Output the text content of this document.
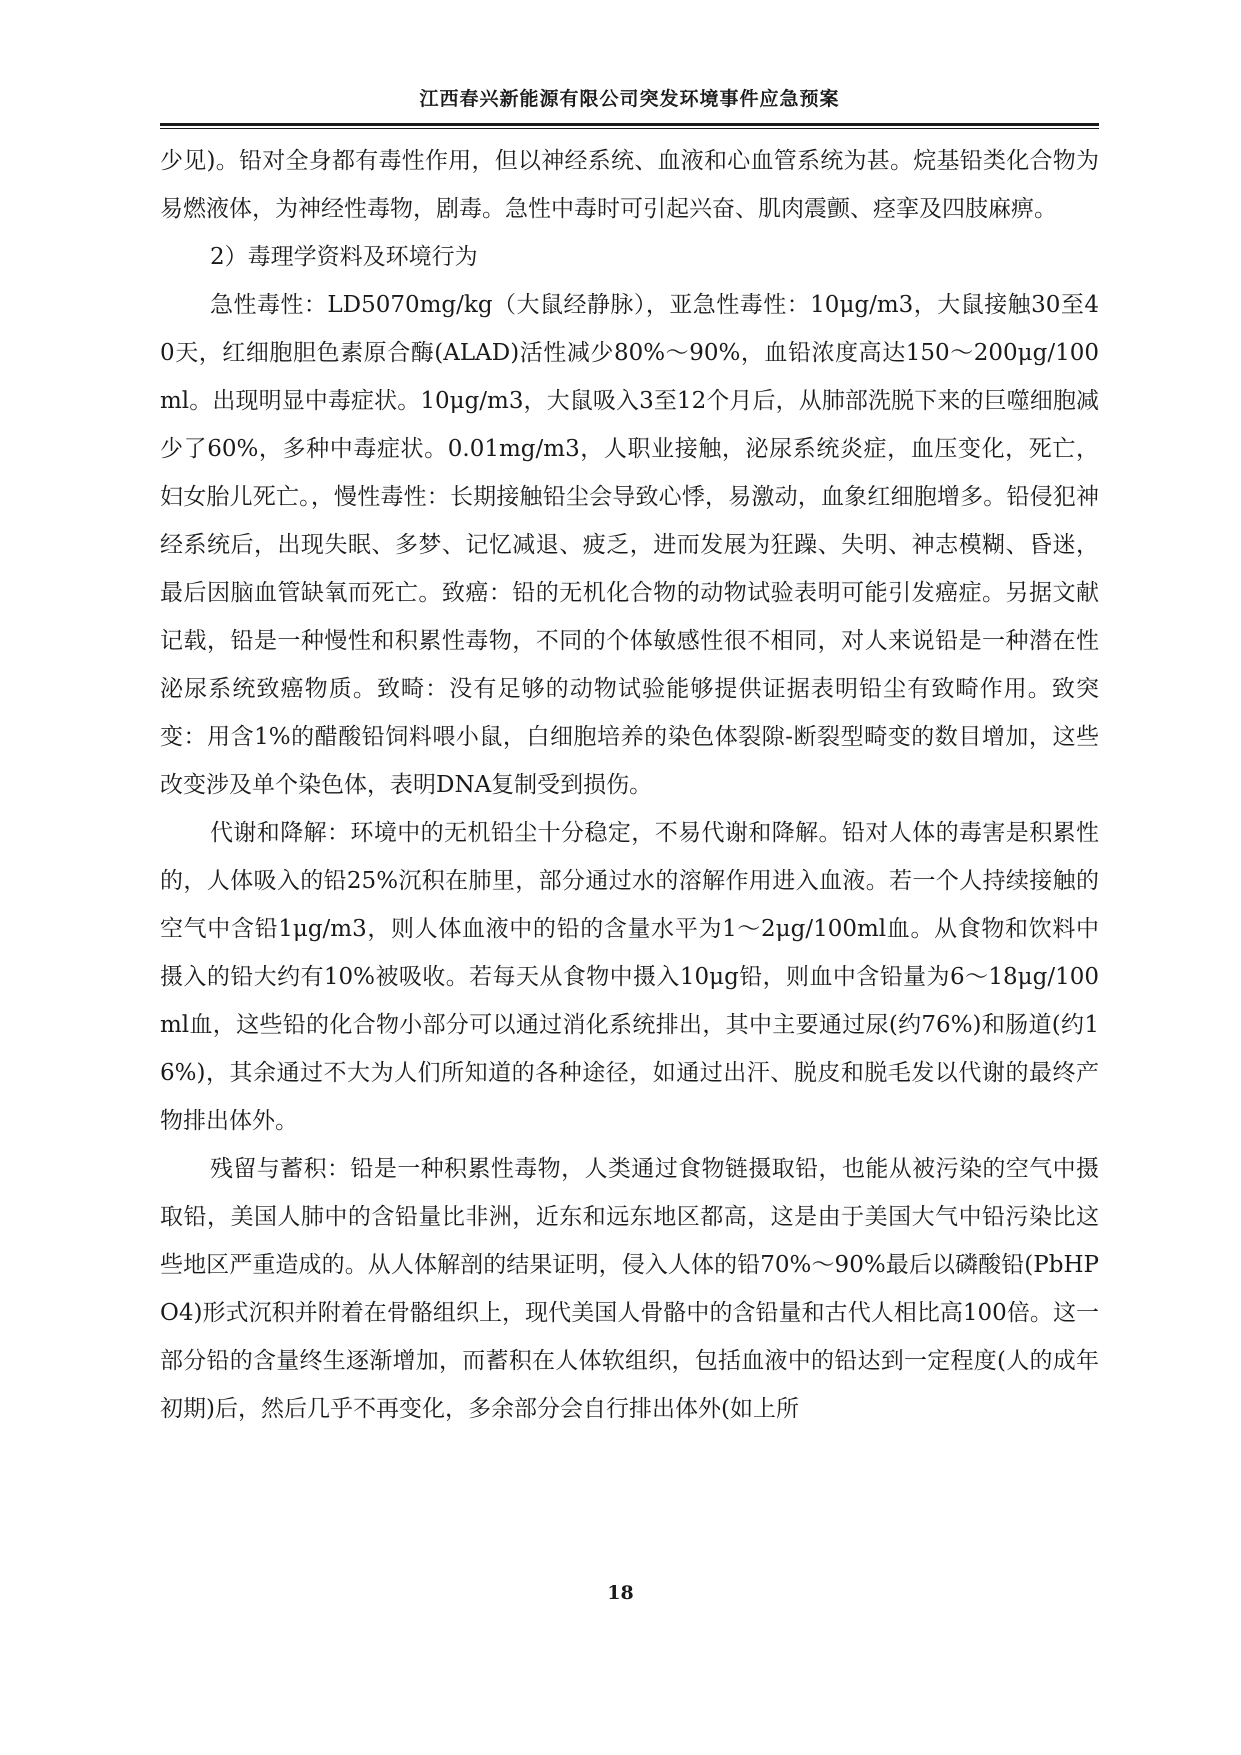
江西春兴新能源有限公司突发环境事件应急预案

少见)。铅对全身都有毒性作用，但以神经系统、血液和心血管系统为甚。烷基铅类化合物为易燃液体，为神经性毒物，剧毒。急性中毒时可引起兴奋、肌肉震颤、痉挛及四肢麻痹。

2）毒理学资料及环境行为

急性毒性：LD5070mg/kg（大鼠经静脉），亚急性毒性：10μg/m3，大鼠接触30至40天，红细胞胆色素原合酶(ALAD)活性减少80%～90%，血铅浓度高达150～200μg/100ml。出现明显中毒症状。10μg/m3，大鼠吸入3至12个月后，从肺部洗脱下来的巨噬细胞减少了60%，多种中毒症状。0.01mg/m3，人职业接触，泌尿系统炎症，血压变化，死亡，妇女胎儿死亡。，慢性毒性：长期接触铅尘会导致心悸，易激动，血象红细胞增多。铅侵犯神经系统后，出现失眠、多梦、记忆减退、疲乏，进而发展为狂躁、失明、神志模糊、昏迷，最后因脑血管缺氧而死亡。致癌：铅的无机化合物的动物试验表明可能引发癌症。另据文献记载，铅是一种慢性和积累性毒物，不同的个体敏感性很不相同，对人来说铅是一种潜在性泌尿系统致癌物质。致畸：没有足够的动物试验能够提供证据表明铅尘有致畸作用。致突变：用含1%的醋酸铅饲料喂小鼠，白细胞培养的染色体裂隙-断裂型畸变的数目增加，这些改变涉及单个染色体，表明DNA复制受到损伤。

代谢和降解：环境中的无机铅尘十分稳定，不易代谢和降解。铅对人体的毒害是积累性的，人体吸入的铅25%沉积在肺里，部分通过水的溶解作用进入血液。若一个人持续接触的空气中含铅1μg/m3，则人体血液中的铅的含量水平为1～2μg/100ml血。从食物和饮料中摄入的铅大约有10%被吸收。若每天从食物中摄入10μg铅，则血中含铅量为6～18μg/100ml血，这些铅的化合物小部分可以通过消化系统排出，其中主要通过尿(约76%)和肠道(约16%)，其余通过不大为人们所知道的各种途径，如通过出汗、脱皮和脱毛发以代谢的最终产物排出体外。

残留与蓄积：铅是一种积累性毒物，人类通过食物链摄取铅，也能从被污染的空气中摄取铅，美国人肺中的含铅量比非洲，近东和远东地区都高，这是由于美国大气中铅污染比这些地区严重造成的。从人体解剖的结果证明，侵入人体的铅70%～90%最后以磷酸铅(PbHPO4)形式沉积并附着在骨骼组织上，现代美国人骨骼中的含铅量和古代人相比高100倍。这一部分铅的含量终生逐渐增加，而蓄积在人体软组织，包括血液中的铅达到一定程度(人的成年初期)后，然后几乎不再变化，多余部分会自行排出体外(如上所

18
